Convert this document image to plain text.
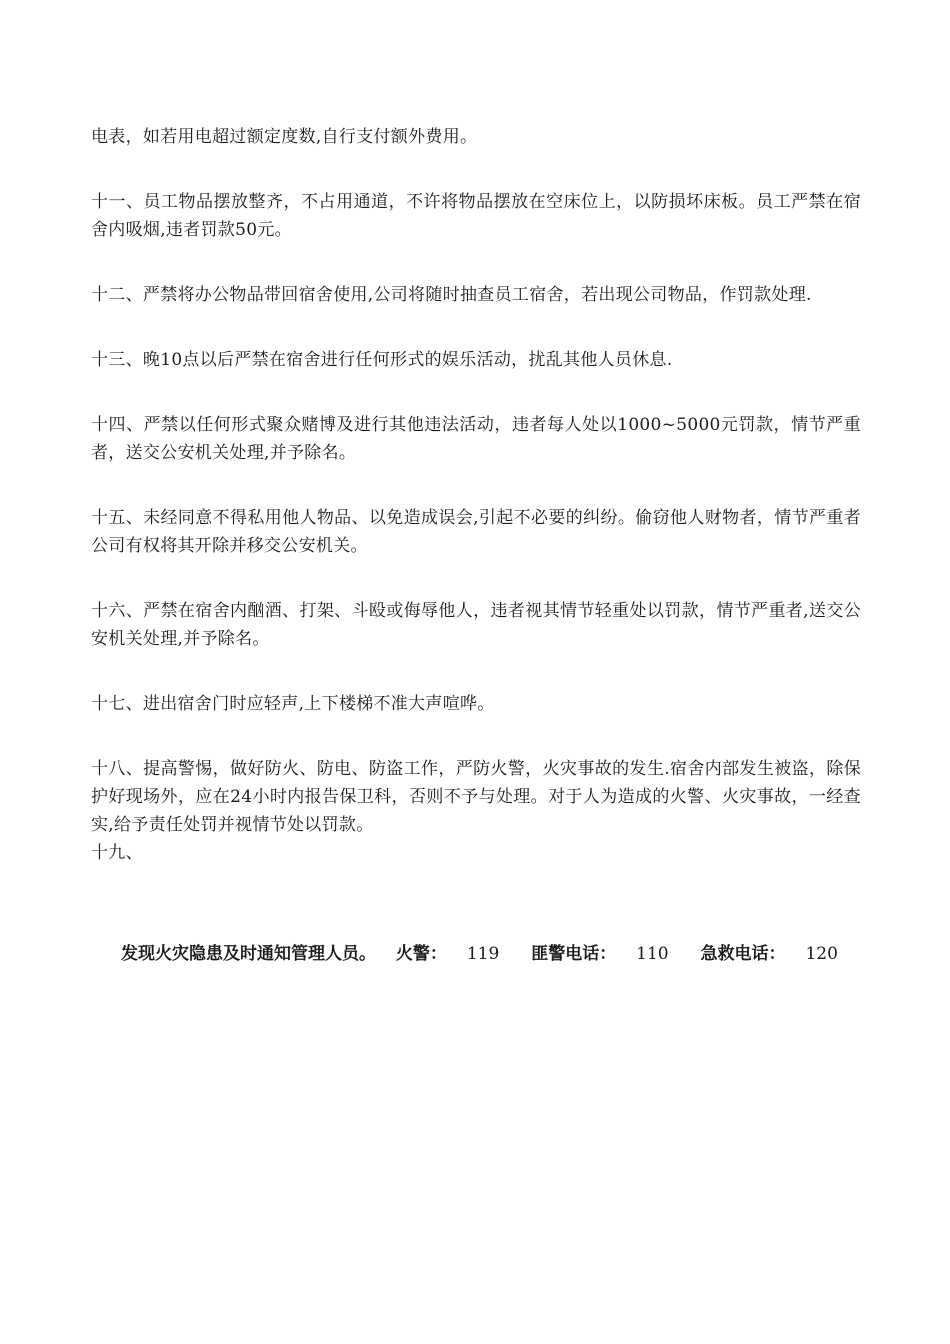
电表，如若用电超过额定度数,自行支付额外费用。

十一、员工物品摆放整齐，不占用通道，不许将物品摆放在空床位上，以防损坏床板。员工严禁在宿舍内吸烟,违者罚款50元。

十二、严禁将办公物品带回宿舍使用,公司将随时抽查员工宿舍，若出现公司物品，作罚款处理.

十三、晚10点以后严禁在宿舍进行任何形式的娱乐活动，扰乱其他人员休息.

十四、严禁以任何形式聚众赌博及进行其他违法活动，违者每人处以1000~5000元罚款，情节严重者，送交公安机关处理,并予除名。

十五、未经同意不得私用他人物品、以免造成误会,引起不必要的纠纷。偷窃他人财物者，情节严重者公司有权将其开除并移交公安机关。

十六、严禁在宿舍内酗酒、打架、斗殴或侮辱他人，违者视其情节轻重处以罚款，情节严重者,送交公安机关处理,并予除名。

十七、进出宿舍门时应轻声,上下楼梯不准大声喧哗。

十八、提高警惕，做好防火、防电、防盗工作，严防火警，火灾事故的发生.宿舍内部发生被盗，除保护好现场外，应在24小时内报告保卫科，否则不予与处理。对于人为造成的火警、火灾事故，一经查实,给予责任处罚并视情节处以罚款。

十九、

发现火灾隐患及时通知管理人员。 火警： 119 匪警电话： 110 急救电话： 120
